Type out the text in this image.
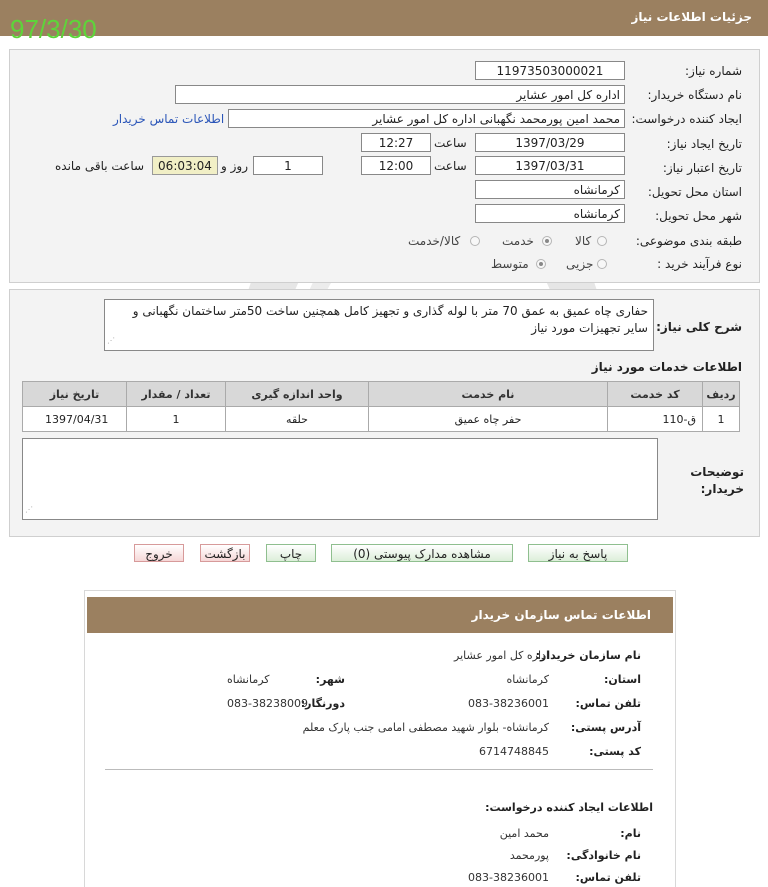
جزئیات اطلاعات نیاز
97/3/30
شماره نیاز:
11973503000021
نام دستگاه خریدار:
اداره کل امور عشایر
ایجاد کننده درخواست:
محمد امین پورمحمد نگهبانی اداره کل امور عشایر
اطلاعات تماس خریدار
تاریخ ایجاد نیاز:
1397/03/29
ساعت
12:27
تاریخ اعتبار نیاز:
1397/03/31
ساعت
12:00
1
روز و
06:03:04
ساعت باقی مانده
استان محل تحویل:
کرمانشاه
شهر محل تحویل:
کرمانشاه
طبقه بندی موضوعی:
کالا
خدمت
کالا/خدمت
نوع فرآیند خرید :
جزیی
متوسط
شرح کلی نیاز:
حفاری چاه عمیق به عمق 70 متر با لوله گذاری و تجهیز کامل همچنین ساخت 50متر ساختمان نگهبانی و سایر تجهیزات مورد نیاز
⋰
اطلاعات خدمات مورد نیاز
ردیف	کد خدمت	نام خدمت	واحد اندازه گیری	تعداد / مقدار	تاریخ نیاز
1	ق-110	حفر چاه عمیق	حلقه	1	1397/04/31
⋰
توضیحات خریدار:
پاسخ به نیاز
مشاهده مدارک پیوستی (0)
چاپ
بازگشت
خروج
اطلاعات تماس سازمان خریدار
نام سازمان خریدار:
اداره کل امور عشایر
استان:
کرمانشاه
شهر:
کرمانشاه
تلفن تماس:
083-38236001
دورنگار:
083-38238009
آدرس پستی:
کرمانشاه- بلوار شهید مصطفی امامی جنب پارک معلم
کد پستی:
6714748845
اطلاعات ایجاد کننده درخواست:
نام:
محمد امین
نام خانوادگی:
پورمحمد
تلفن تماس:
083-38236001
